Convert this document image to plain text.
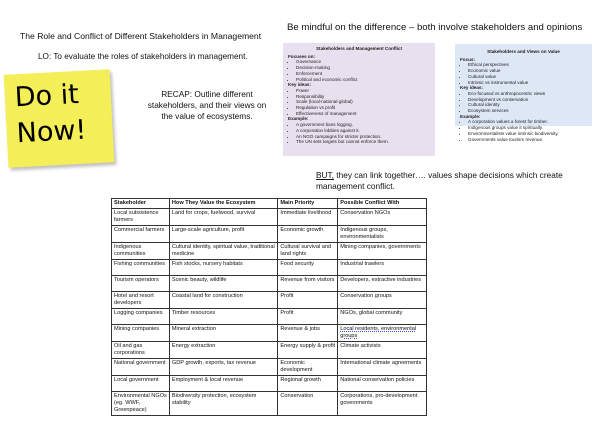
The Role and Conflict of Different Stakeholders in Management
LO: To evaluate the roles of stakeholders in management.
Do it
Now!
RECAP: Outline different stakeholders, and their views on the value of ecosystems.
Be mindful on the difference – both involve stakeholders and opinions
Stakeholders and Management Conflict
Focuses on:
• Governance
• Decision-making
• Enforcement
• Political and economic conflict
Key ideas:
• Power
• Responsibility
• Scale (local-national-global)
• Regulation vs profit
• Effectiveness of management
Example:
• A government bans logging.
• A corporation lobbies against it.
• An NGO campaigns for stricter protection.
• The UN sets targets but cannot enforce them.
Stakeholders and Views on Value
Focus:
• Ethical perspectives
• Economic value
• Cultural value
• Intrinsic vs instrumental value
Key ideas:
• Eco-focused vs anthropocentric views
• Development vs conservation
• Cultural identity
• Ecosystem services
Example:
• A corporation values a forest for timber.
• Indigenous groups value it spiritually.
• Environmentalists value intrinsic biodiversity.
• Governments value tourism revenue.
BUT, they can link together…. values shape decisions which create management conflict.
Stakeholder	How They Value the Ecosystem	Main Priority	Possible Conflict With
Local subsistence farmers	Land for crops, fuelwood, survival	Immediate livelihood	Conservation NGOs
Commercial farmers	Large-scale agriculture, profit	Economic growth	Indigenous groups, environmentalists
Indigenous communities	Cultural identity, spiritual value, traditional medicine	Cultural survival and land rights	Mining companies, governments
Fishing communities	Fish stocks, nursery habitats	Food security	Industrial trawlers
Tourism operators	Scenic beauty, wildlife	Revenue from visitors	Developers, extractive industries
Hotel and resort developers	Coastal land for construction	Profit	Conservation groups
Logging companies	Timber resources	Profit	NGOs, global community
Mining companies	Mineral extraction	Revenue & jobs	Local residents, environmental groups
Oil and gas corporations	Energy extraction	Energy supply & profit	Climate activists
National government	GDP growth, exports, tax revenue	Economic development	International climate agreements
Local government	Employment & local revenue	Regional growth	National conservation policies
Environmental NGOs (eg. WWF, Greenpeace)	Biodiversity protection, ecosystem stability	Conservation	Corporations, pro-development governments
